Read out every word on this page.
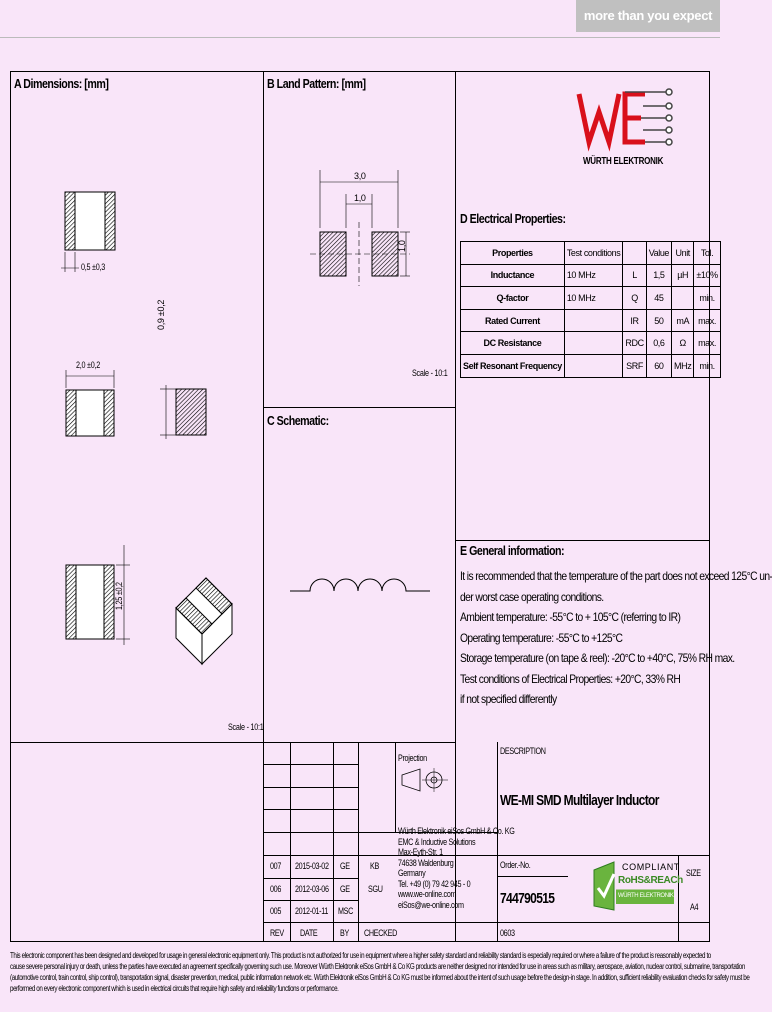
more than you expect
A Dimensions: [mm]	B Land Pattern: [mm]
C Schematic:
D Electrical Properties:
E General information:
WÜRTH ELEKTRONIK
0,5 ±0,3
2,0 ±0,2
0,9 ±0,2
1,25 ±0,2
Scale - 10:1
3,0
1,0
1,0
Scale - 10:1
Properties	Test conditions		Value	Unit	Tol.
Inductance	10 MHz	L	1,5	µH	±10%
Q-factor	10 MHz	Q	45		min.
Rated Current		IR	50	mA	max.
DC Resistance		RDC	0,6	Ω	max.
Self Resonant Frequency		SRF	60	MHz	min.
It is recommended that the temperature of the part does not exceed 125°C un-
der worst case operating conditions.
Ambient temperature: -55°C to + 105°C (referring to IR)
Operating temperature: -55°C to +125°C
Storage temperature (on tape & reel): -20°C to +40°C, 75% RH max.
Test conditions of Electrical Properties: +20°C, 33% RH
if not specified differently
007 2015-03-02 GE KB
006 2012-03-06 GE SGU
005 2012-01-11 MSC
REV DATE	BY CHECKED
Projection
Würth Elektronik eiSos GmbH & Co. KG
EMC & Inductive Solutions
Max-Eyth-Str. 1
74638 Waldenburg
Germany
Tel. +49 (0) 79 42 945 - 0
www.we-online.com
eiSos@we-online.com
DESCRIPTION
WE-MI SMD Multilayer Inductor
Order.-No.
744790515
0603
SIZE
A4
COMPLIANT
RoHS&REACh
WÜRTH ELEKTRONIK
This electronic component has been designed and developed for usage in general electronic equipment only. This product is not authorized for use in equipment where a higher safety standard and reliability standard is especially required or where a failure of the product is reasonably expected to
cause severe personal injury or death, unless the parties have executed an agreement specifically governing such use. Moreover Würth Elektronik eiSos GmbH & Co KG products are neither designed nor intended for use in areas such as military, aerospace, aviation, nuclear control, submarine, transportation
(automotive control, train control, ship control), transportation signal, disaster prevention, medical, public information network etc. Würth Elektronik eiSos GmbH & Co KG must be informed about the intent of such usage before the design-in stage. In addition, sufficient reliability evaluation checks for safety must be
performed on every electronic component which is used in electrical circuits that require high safety and reliability functions or performance.
